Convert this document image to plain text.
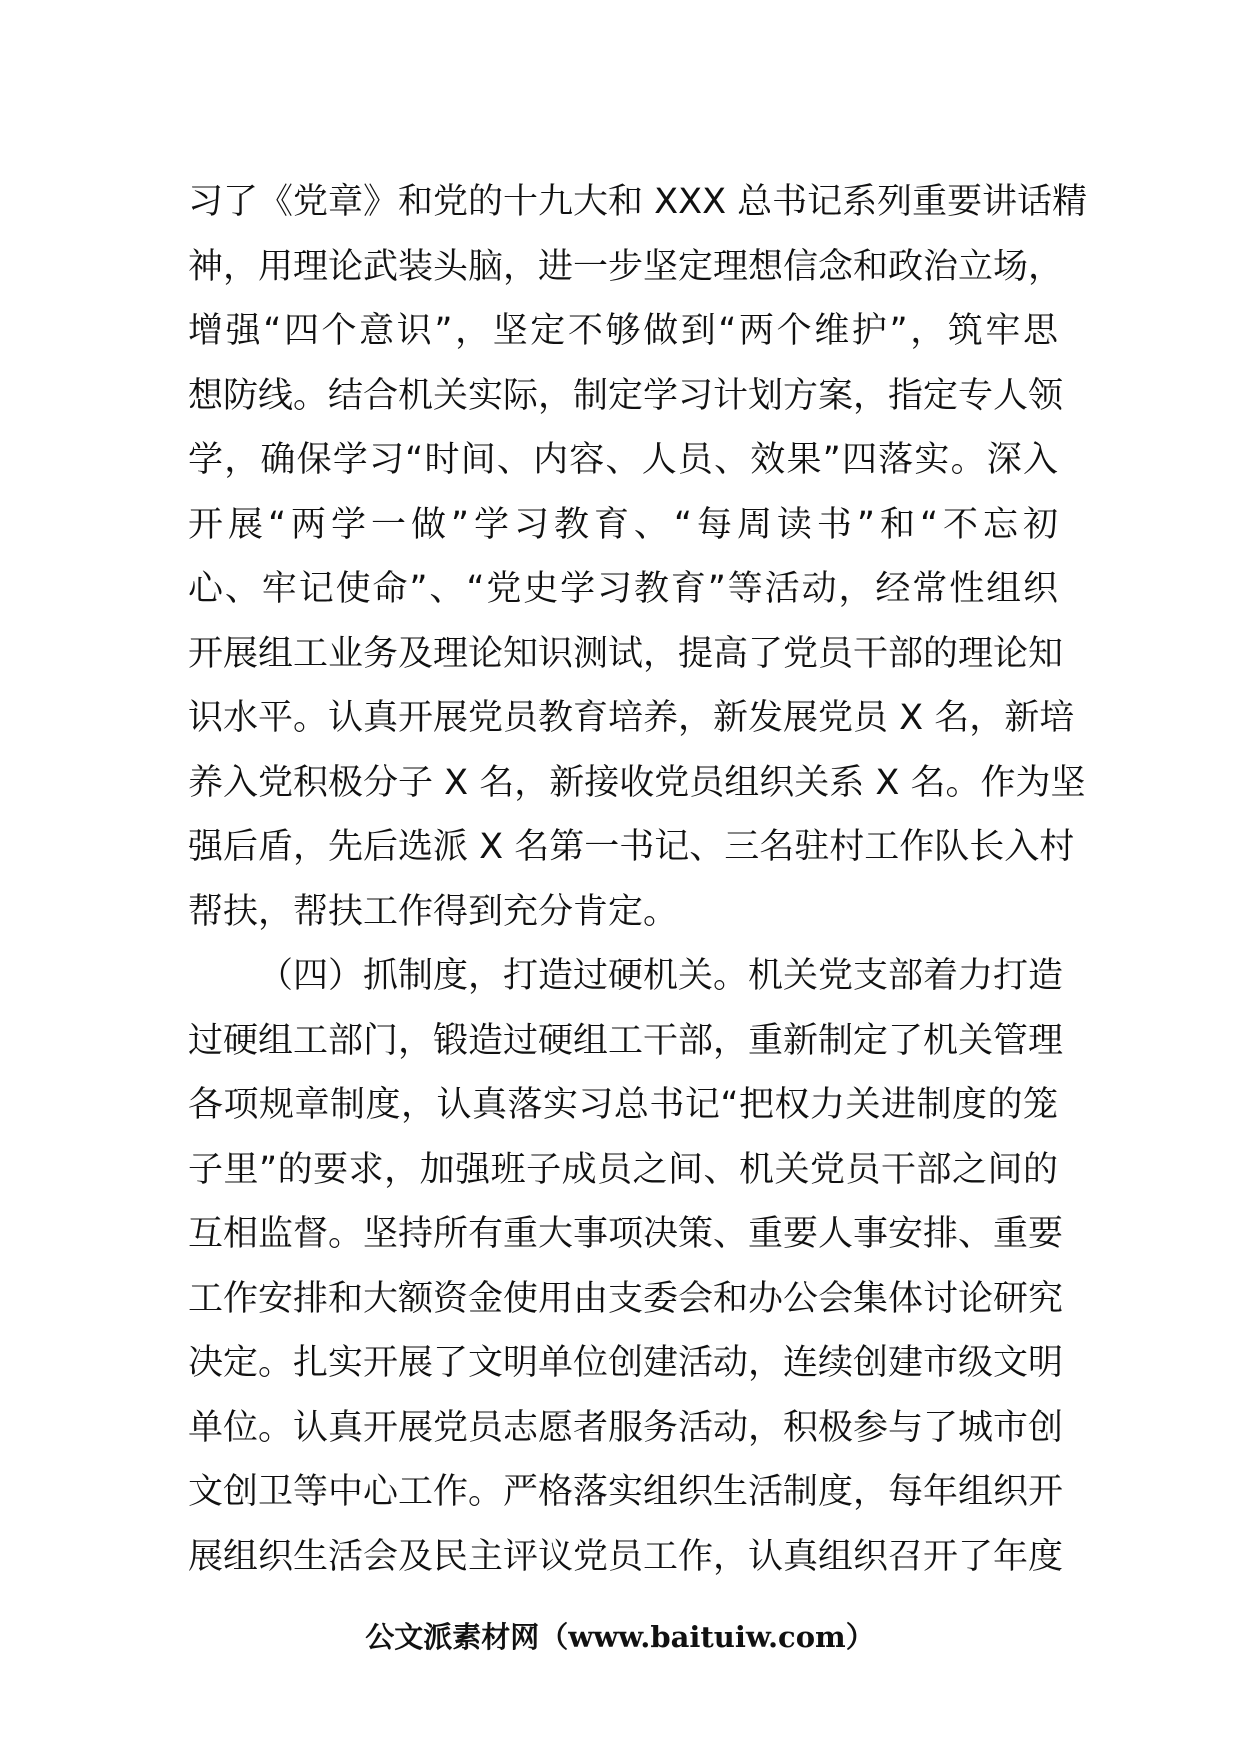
习了《党章》和党的十九大和 XXX 总书记系列重要讲话精
神，用理论武装头脑，进一步坚定理想信念和政治立场，
增强“四个意识”，坚定不够做到“两个维护”，筑牢思
想防线。结合机关实际，制定学习计划方案，指定专人领
学，确保学习“时间、内容、人员、效果”四落实。深入
开展“两学一做”学习教育、“每周读书”和“不忘初
心、牢记使命”、“党史学习教育”等活动，经常性组织
开展组工业务及理论知识测试，提高了党员干部的理论知
识水平。认真开展党员教育培养，新发展党员 X 名，新培
养入党积极分子 X 名，新接收党员组织关系 X 名。作为坚
强后盾，先后选派 X 名第一书记、三名驻村工作队长入村
帮扶，帮扶工作得到充分肯定。
（四）抓制度，打造过硬机关。机关党支部着力打造
过硬组工部门，锻造过硬组工干部，重新制定了机关管理
各项规章制度，认真落实习总书记“把权力关进制度的笼
子里”的要求，加强班子成员之间、机关党员干部之间的
互相监督。坚持所有重大事项决策、重要人事安排、重要
工作安排和大额资金使用由支委会和办公会集体讨论研究
决定。扎实开展了文明单位创建活动，连续创建市级文明
单位。认真开展党员志愿者服务活动，积极参与了城市创
文创卫等中心工作。严格落实组织生活制度，每年组织开
展组织生活会及民主评议党员工作，认真组织召开了年度
公文派素材网（www.baituiw.com）
